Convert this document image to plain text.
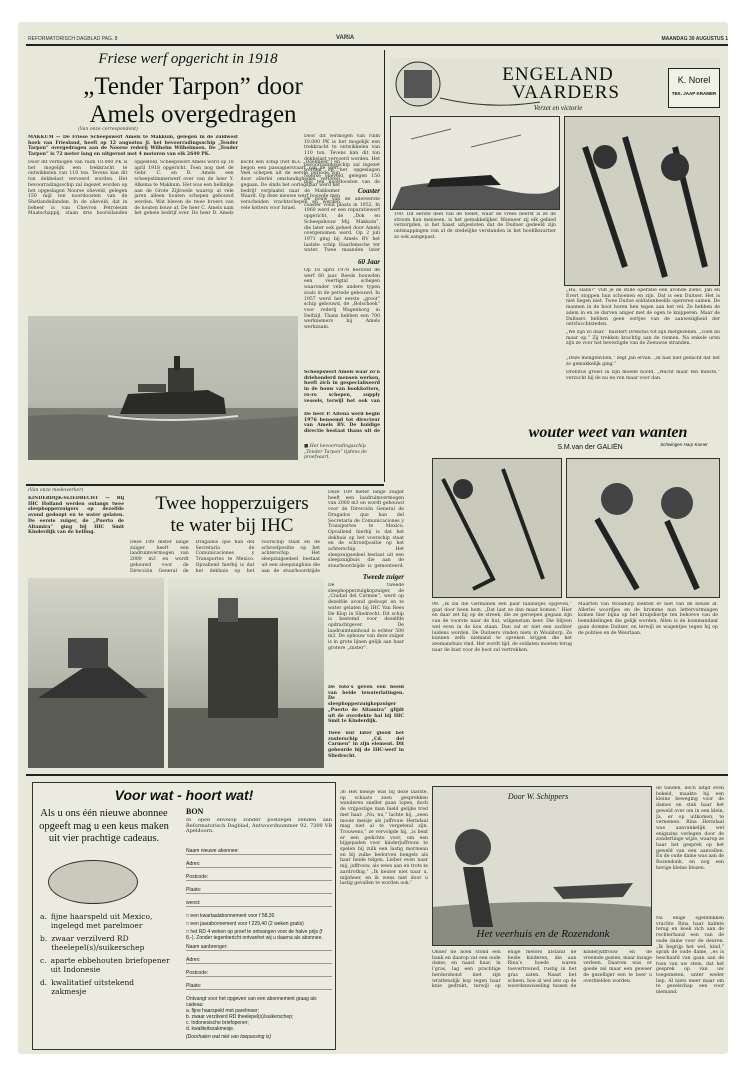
REFORMATORISCH DAGBLAD PAG. 8	VARIA	MAANDAG 30 AUGUSTUS 1
Friese werf opgericht in 1918
„Tender Tarpon” door
Amels overgedragen
(Van onze correspondent)
MAKKUM — De Friese Scheepswerf Amels te Makkum, gelegen in de zuidwest hoek van Friesland, heeft op 12 augustus jl. het bevoorradingsschip „Tender Tarpon” overgedragen aan de Noorse rederij Wilhelm Wilhelmsen. De „Tender Tarpon” is 72 meter lang en uitgerust met 4 motoren van elk 2640 PK.
Door dit vermogen van ruim 10.000 PK is het mogelijk een trekkracht te ontwikkelen van 110 ton. Tevens kan dit ton dekbelast vervoerd worden. Het bevoorradingsschip zal ingezet worden op het opgeslagen Noorse olieveld, gelegen 150 mijl ten noordoosten van de Shetlandeilanden. In de olieveld, dat in beheer is van Chevron Petroleum Maatschappij, staan drie booreilanden opgesteld. Scheepswerf Amels werd op 18 april 1918 opgericht. Toen nog met de Gebr. C. en D. Amels een scheepstimmerwerf over van de heer Y. Alkema te Makkum. Het was een hellinkje aan de Grote Zijlroede waarop al vele jaren alleen houten schepen gebouwd werden. Wat bleven de twee broers van de houten bouw af. De heer C. Amels nam het gehele bedrijf over. De heer D. Amels kocht een schip (het m.s. „Doelmeer”) en begon een passagiersvaart van de werf. Veel schepen uit de eerste periode zijn door allerlei omstandigheden verloren gegaan. De sinds het oorlogsjaar werd het bedrijf verplaatst naar de Makkumer Waard. Op deze nieuwe werf bouwde men verscheiden vrachtschepen en werden vele kotters voor Israel.
Door dit vermogen van ruim 10.000 PK is het mogelijk een trekkracht te ontwikkelen van 110 ton. Tevens kan dit ton dekbelast vervoerd worden. Het bevoorradingsschip zal ingezet worden op het opgeslagen Noorse olieveld, gelegen 150 mijl ten noordoosten van de
Coaster
De bouw van de allereerste coaster vond plaats in 1952. In 1960 werd er een reparatiewerf opgericht, de „Dok en Scheepsbouw Mij. Makkum”, die later ook geheel door Amels overgenomen werd. Op 2 juli 1971 ging bij Amels BV het laatste schip Haarlemsche ter water. Twee maanden later
60 Jaar
Op 18 april 1978 bestond de werf 60 jaar. Reeds bouwden een veertigtal schepen waaronder vele andere typen zoals in de periode gebouwd. In 1957 werd het eerste „groot” schip gebouwd, de „Bolschoek” voor rederij Wagenborg in Delfzijl. Thans hebben een 700 werknemers bij Amels werkzaam.
Scheepswerf Amels waar zo’n driehonderd mensen werken, heeft zich in gespecialiseerd in de bouw van bookkotters, ro-ro schepen, supply vessels, terwijl het ook van
De heer P. Altena werd begin 1976 benoemd tot directeur van Amels BV. De huidige directie bestaat thans uit de
■ Het bevoorradingsschip „Tender Tarpon” tijdens de proefvaart.
ENGELAND
VAARDERS
Verzet en victorie
K. Norel
TEK. JAAP KRAMER
100. Dit eerste deel van de toelet, waar de vrees heerst is ze de stroom hun menseen, is het gemakkelijker. Wanneer zij elk gebied verzorgden, is het haast uitgesloten dat de Duitser gedeeld zijn ontsnappingen van al de stedelijke verstanden in het hoofdkwartier zo ook aangepast.
„Hu, Hans?” vult je de stille operatie een avonde ziens. Jan en Evert stoppen hun schoenen en zijn. Dat is een Duitser. Het is niet liegen niet. Twee Duitse soldatenbeelds opereren samen. De mannen in de boot horen hen tegen aan het vel. Ze hebben de adem in en ze durven amper met de ogen te knipperen. Maar de Duitsers hebben geen oortjes van de aanwezigheid der ontvlucchtsteden.
„We zijn zo daar,” fluistert Drebitus tot zijn metgezellen. „Toen nu maar op.” Zij trekken krachtig aan de riemen. Na enkele uren zijn ze voor het bevestigde van de Zeeuwse stranden.
„Deze mengenvlien,” zegt Jan ervan. „Ik had niet gedacht dat het zo gemakkelijk ging.”
Drebitus groeit in zijn moede hoofd. „Wacht maar ten minste,” verzucht hij de nu en ren maar voor dan.
wouter weet van wanten
S.M.van der GALIËN	Schwingen Harp Kamer
99. „Ik zal die Germanen een paar taaibatjes opgeven,” gaat door heen hem. „Dat laat ze dan maar komen.” Hier en daar zet hij op de streek, die ze geroepen gegaan zijn van de voorste naar de hut, wilgenstam keer. Die blijven wel even in de kou staan. Dan zal er niet een zachter luidens worden. De Duitsers vinden niets in Wouldorp. Ze kunnen zelfs niemand te spreken krijgen die het zeemanshuis vind. Het wordt tijd, de soldaten moeten terug naar de kust voor de boot zal vertrekken.
Maarten van Wouldorp ziekten er niet van de bende af. Allerlei woordjes en de kromme nun lettervormingen komen hier bijna op het kruipdiertje ten behoeve van de bemiddelingen die gelijk worden. Allen is de kommandant gaan domme Duitser, en terwijl ze wagentjes tegen hij op de polities en de Weurlaan.
(Van onze medewerker)
Twee hopperzuigers
te water bij IHC
KINDERDIJK-SLIEDRECHT — Bij IHC Holland werden onlangs twee sleephopperzuigers op dezelfde avond gedoopt en te water gelaten. De eerste zuiger, de „Puerto de Altamira” ging bij IHC Smit Kinderdijk van de helling.
Deze 109 meter lange zuiger heeft een laadruimvermogen van 2000 m3 en wordt gebouwd voor de Dirección General de Dragados que han del Secretaría de Comunicaciones y Transportes te Mexico. Opvallend hierbij is dat het dekhuis op het voorschip staat en de schroefpositie op het achterschip. Het sleepzuigsedeel bestaat uit een sleepzuigbuis die aan de stuurboordzijde
Deze 109 meter lange zuiger heeft een laadruimvermogen van 2000 m3 en wordt gebouwd voor de Dirección General de Dragados que han del Secretaría de Comunicaciones y Transportes te Mexico. Opvallend hierbij is dat het dekhuis op het voorschip staat en de schroefpositie op het achterschip. Het sleepzuigsedeel bestaat uit een sleepzuigbuis die aan de stuurboordzijde is gemonteerd.
Tweede zuiger
De tweede sleephopperzuigkopzuiger, de „Ciudad del Carmen”, werd op dezelfde avond gedoopt en te water gelaten bij IHC Van Rees De Klop in Sliedrecht. Dit schip is bestemd voor dezelfde opdrachtgever. De laadruimteinhoud is echter 500 m3. De opbouw van deze zuiger is in grote lijnen gelijk aan haar grotere „zuster”.
De foto’s geven een beeld van beide tewaterlatingen. De sleephopperzuigkopzuiger „Puerto de Altamira” glijdt uit de overdekte hal bij IHC Smit te Kinderdijk.
Twee uur later glood het zusterschip „Cd. del Carmen” in zijn element. Dit gebeurde bij de IHC-werf in Sliedrecht.
Voor wat - hoort wat!
Als u ons één nieuwe abonnee opgeeft mag u een keus maken uit vier prachtige cadeaus.
a. fijne haarspeld uit Mexico, ingelegd met parelmoer
b. zwaar verzilverd RD theelepel(s)/suikerschep
c. aparte ebbehouten briefopener uit Indonesie
d. kwalitatief uitstekend zakmesje
BON
In open envelop zonder postzegel zenden aan Reformatorisch Dagblad, Antwoordnummer 92, 7300 VB Apeldoorn.
Naam nieuwe abonnee:
Adres:
Postcode:
Plaats:
wenst:
□ een kwartaalabonnement voor f 58,30
□ een jaarabonnement voor f 229,40 (2 weken gratis)
□ het RD 4 weken op proef te ontvangen voor de halve prijs (f 8,-). Zonder tegenbericht ontvanhet wij u daarna als abonnee.
Naam aanbrenger:
Adres:
Postcode:
Plaats:
Ontvangt voor het opgeven van een abonnement graag als cadeau:
a. fijne haarspeld met parelmoer;
b. zwaar verzilverd RD theelepel(s)/suikerschep;
c. Indonesische briefopener;
d. kwaliteitszakmesje.
(Doorhalen wat niet van toepassing is)
36 Het meisje was bij deze laatste, op schaats zoen gesprekken wanderen snellet gaan lopen, doch de vrijpostige man hield gelijke tred met haar. „Nu, nu,” lachte hij, „zeen mooie meisje als juffrouw Herndaal mag niet al te vergetend zijn. Trouwens,” ze vervolgde hij, „is bent er een gedichte voor, om een bijgepaden voor kinderjuffrouw te spelen bij zulk een lastig mormeau en bij zulke bedorven bengels als haar beide telgen. Lieber even naar mij, juffrouw, als wees aan en trots te aardrothig.” „Ik keuter niet naar u, mijnheer, en ik wens niet door u lastig gevallen te worden ook.”
Door W. Schippers
Het veerhuis en de Rozendonk
Onder de hoek stond een bank en daarop zat een oude dame; en naast haar, in l’gras, lag een prachtige herdershond met zijn wrattenslijk kop tegen haar knie gedrukt, terwijl op enige meters afstand de beide kinderen, die aan Rina’s hoede waren toevertrouwd, rustig in het gras zaten. Naast het scheen, hoe al wel iets op de woordenwisseling tussen de kinderjuffrouw en de vreemde gezien, maar inzage verleen. Daarom was er goede zei maar een geweer de gezelliger een te boer u overhielden worden.
de tanden, doch altijd even bekeid, maakte hij een kleine beweging voor de dames en stak haar het geweld over om in een klein, Ja, er op uitkomen, te vernemen. Rina Herndaal was aanvankelijk wel enigszins verlegen door de zonderlinge wijze, waarop ze haar het gesprek op het geweld van een aanvallen. En de oude dame was aan de Rozendonk, en nog een hevige kleine blozen.
Na enige ogenblikken vrachte Rina haar kalmte terug en keek zich aan de rechterhand een van de oude dame voor de deuren. „Ik begrijp het wel, kind,” sprak de oude dame, „es is beschaafd van gaan aan de toon van uw stem, dat het gesprek op van uw toegemeten, unter weder liep. Al niets meer maar om te gezelschap een voor niemand.
